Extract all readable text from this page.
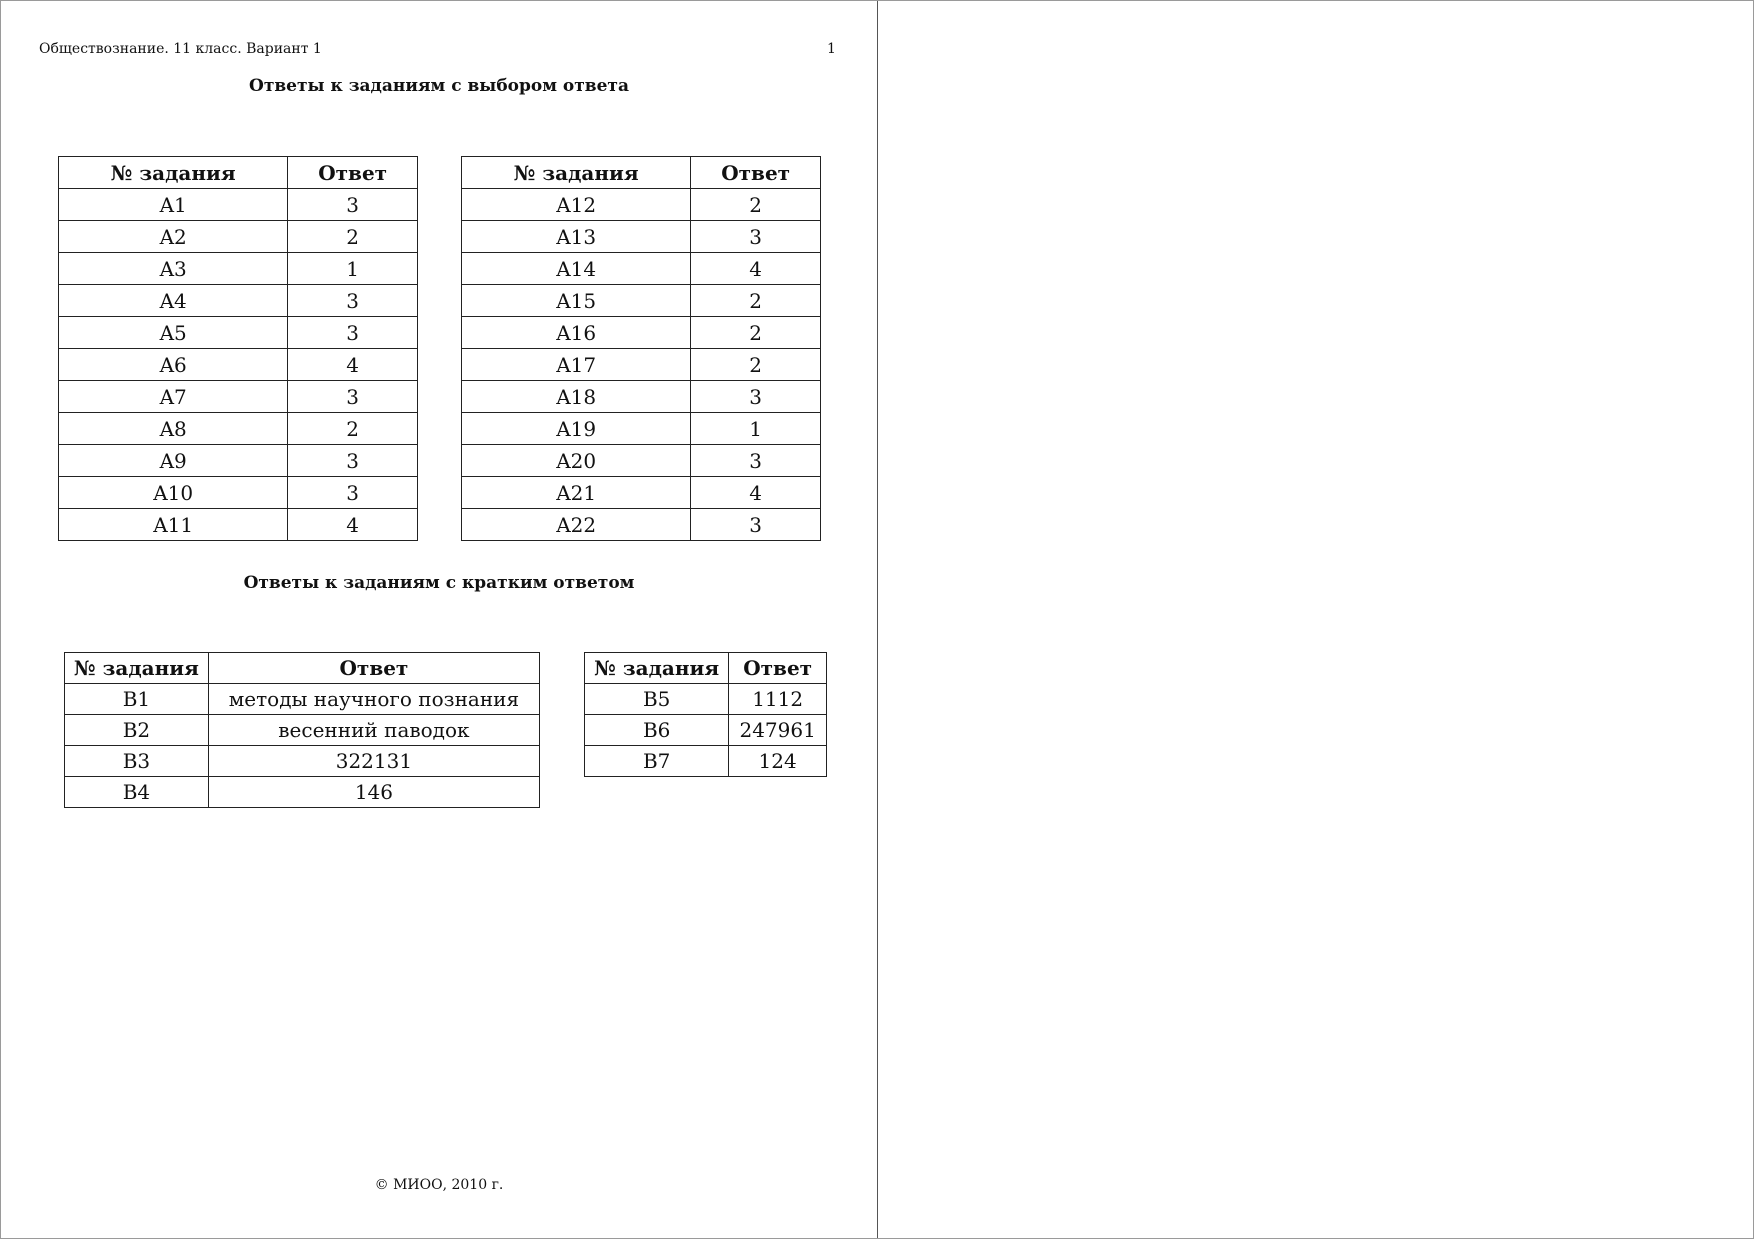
Обществознание. 11 класс. Вариант 1	1
Ответы к заданиям с выбором ответа
№ задания	Ответ
A1	3
A2	2
A3	1
A4	3
A5	3
A6	4
A7	3
A8	2
A9	3
A10	3
A11	4
№ задания	Ответ
A12	2
A13	3
A14	4
A15	2
A16	2
A17	2
A18	3
A19	1
A20	3
A21	4
A22	3
Ответы к заданиям с кратким ответом
№ задания	Ответ
B1	методы научного познания
B2	весенний паводок
B3	322131
B4	146
№ задания	Ответ
B5	1112
B6	247961
B7	124
© МИОО, 2010 г.
